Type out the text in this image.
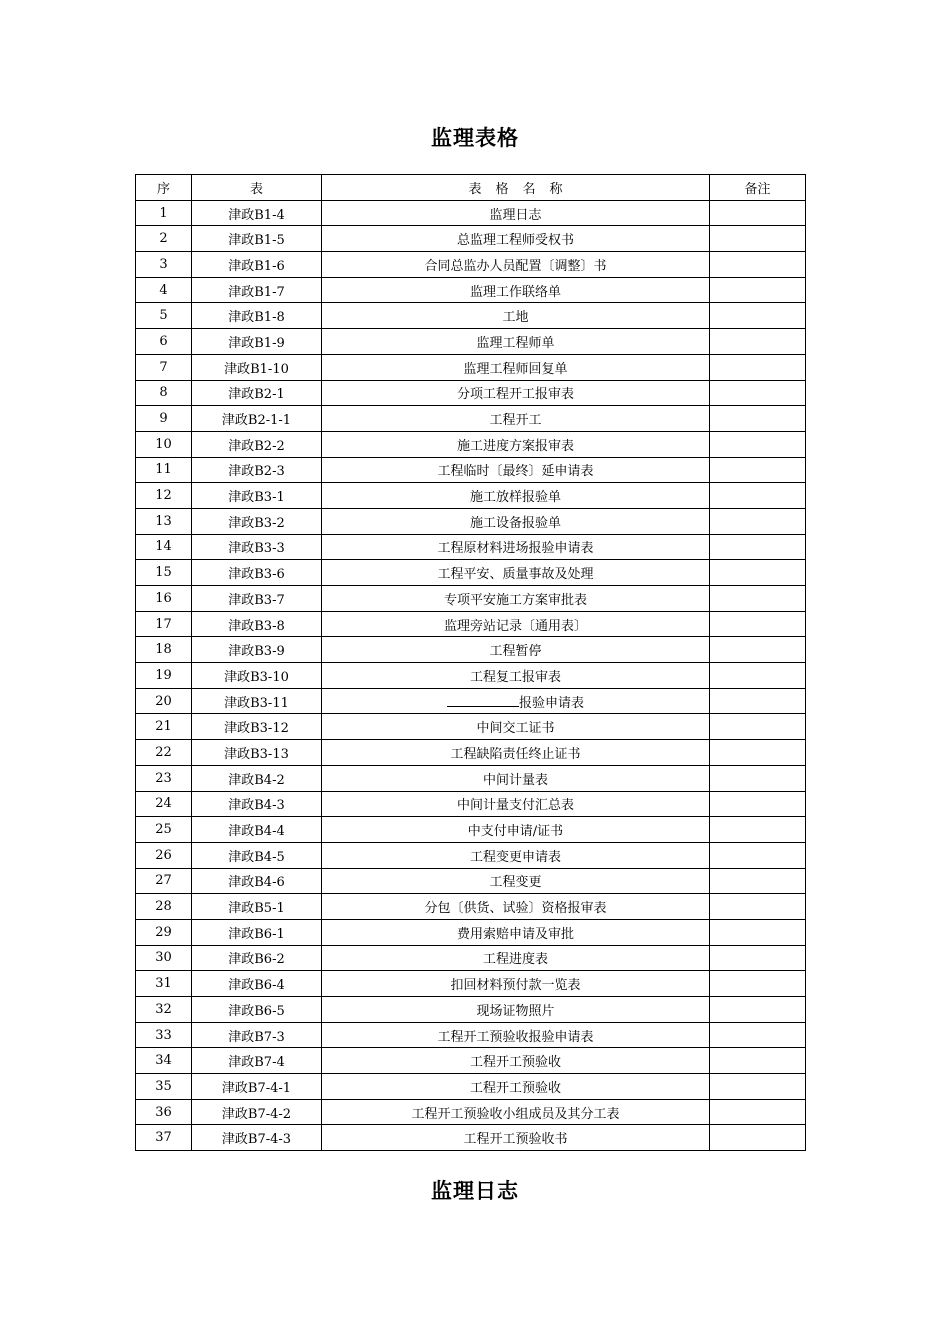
监理表格
序	表	表格名称	备注
1	津政B1-4	监理日志	
2	津政B1-5	总监理工程师受权书	
3	津政B1-6	合同总监办人员配置〔调整〕书	
4	津政B1-7	监理工作联络单	
5	津政B1-8	工地	
6	津政B1-9	监理工程师单	
7	津政B1-10	监理工程师回复单	
8	津政B2-1	分项工程开工报审表	
9	津政B2-1-1	工程开工	
10	津政B2-2	施工进度方案报审表	
11	津政B2-3	工程临时〔最终〕延申请表	
12	津政B3-1	施工放样报验单	
13	津政B3-2	施工设备报验单	
14	津政B3-3	工程原材料进场报验申请表	
15	津政B3-6	工程平安、质量事故及处理	
16	津政B3-7	专项平安施工方案审批表	
17	津政B3-8	监理旁站记录〔通用表〕	
18	津政B3-9	工程暂停	
19	津政B3-10	工程复工报审表	
20	津政B3-11	报验申请表	
21	津政B3-12	中间交工证书	
22	津政B3-13	工程缺陷责任终止证书	
23	津政B4-2	中间计量表	
24	津政B4-3	中间计量支付汇总表	
25	津政B4-4	中支付申请/证书	
26	津政B4-5	工程变更申请表	
27	津政B4-6	工程变更	
28	津政B5-1	分包〔供货、试验〕资格报审表	
29	津政B6-1	费用索赔申请及审批	
30	津政B6-2	工程进度表	
31	津政B6-4	扣回材料预付款一览表	
32	津政B6-5	现场证物照片	
33	津政B7-3	工程开工预验收报验申请表	
34	津政B7-4	工程开工预验收	
35	津政B7-4-1	工程开工预验收	
36	津政B7-4-2	工程开工预验收小组成员及其分工表	
37	津政B7-4-3	工程开工预验收书	
监理日志
